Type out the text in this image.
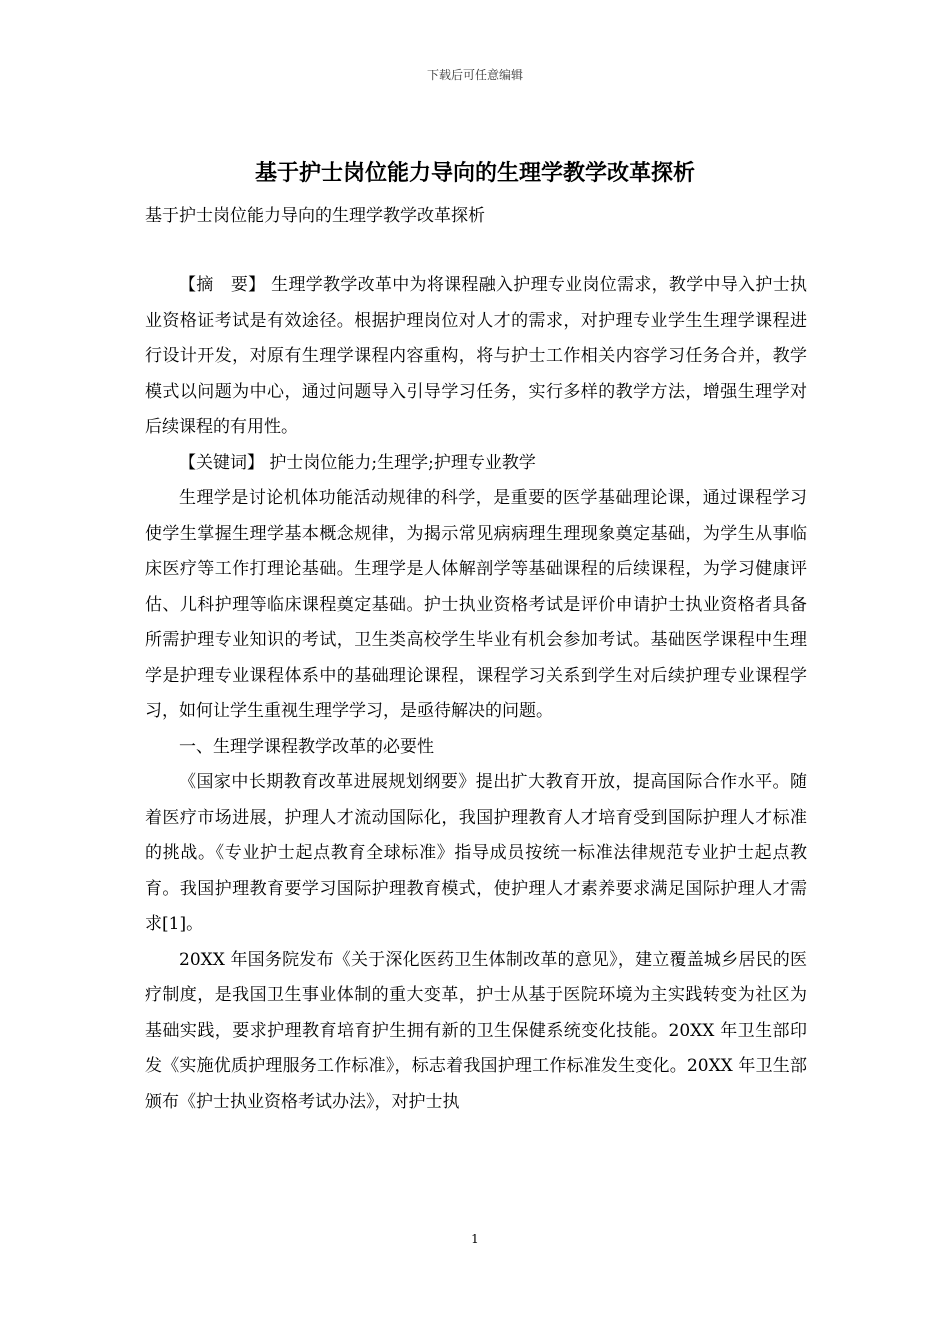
下载后可任意编辑
基于护士岗位能力导向的生理学教学改革探析
基于护士岗位能力导向的生理学教学改革探析

【摘　要】 生理学教学改革中为将课程融入护理专业岗位需求，教学中导入护士执业资格证考试是有效途径。根据护理岗位对人才的需求，对护理专业学生生理学课程进行设计开发，对原有生理学课程内容重构，将与护士工作相关内容学习任务合并，教学模式以问题为中心，通过问题导入引导学习任务，实行多样的教学方法，增强生理学对后续课程的有用性。

【关键词】 护士岗位能力;生理学;护理专业教学

生理学是讨论机体功能活动规律的科学，是重要的医学基础理论课，通过课程学习使学生掌握生理学基本概念规律，为揭示常见病病理生理现象奠定基础，为学生从事临床医疗等工作打理论基础。生理学是人体解剖学等基础课程的后续课程，为学习健康评估、儿科护理等临床课程奠定基础。护士执业资格考试是评价申请护士执业资格者具备所需护理专业知识的考试，卫生类高校学生毕业有机会参加考试。基础医学课程中生理学是护理专业课程体系中的基础理论课程，课程学习关系到学生对后续护理专业课程学习，如何让学生重视生理学学习，是亟待解决的问题。

一、生理学课程教学改革的必要性

《国家中长期教育改革进展规划纲要》提出扩大教育开放，提高国际合作水平。随着医疗市场进展，护理人才流动国际化，我国护理教育人才培育受到国际护理人才标准的挑战。《专业护士起点教育全球标准》指导成员按统一标准法律规范专业护士起点教育。我国护理教育要学习国际护理教育模式，使护理人才素养要求满足国际护理人才需求[1]。

20XX 年国务院发布《关于深化医药卫生体制改革的意见》，建立覆盖城乡居民的医疗制度，是我国卫生事业体制的重大变革，护士从基于医院环境为主实践转变为社区为基础实践，要求护理教育培育护生拥有新的卫生保健系统变化技能。20XX 年卫生部印发《实施优质护理服务工作标准》，标志着我国护理工作标准发生变化。20XX 年卫生部颁布《护士执业资格考试办法》，对护士执

1
